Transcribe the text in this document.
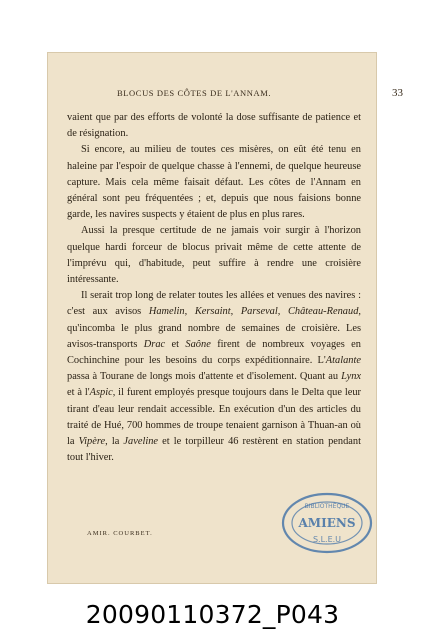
BLOCUS DES CÔTES DE L'ANNAM.	33

vaient que par des efforts de volonté la dose suffisante de patience et de résignation.

Si encore, au milieu de toutes ces misères, on eût été tenu en haleine par l'espoir de quelque chasse à l'ennemi, de quelque heureuse capture. Mais cela même faisait défaut. Les côtes de l'Annam en général sont peu fréquentées ; et, depuis que nous faisions bonne garde, les navires suspects y étaient de plus en plus rares.

Aussi la presque certitude de ne jamais voir surgir à l'horizon quelque hardi forceur de blocus privait même de cette attente de l'imprévu qui, d'habitude, peut suffire à rendre une croisière intéressante.

Il serait trop long de relater toutes les allées et venues des navires : c'est aux avisos Hamelin, Kersaint, Parseval, Château-Renaud, qu'incomba le plus grand nombre de semaines de croisière. Les avisos-transports Drac et Saône firent de nombreux voyages en Cochinchine pour les besoins du corps expéditionnaire. L'Atalante passa à Tourane de longs mois d'attente et d'isolement. Quant au Lynx et à l'Aspic, il furent employés presque toujours dans le Delta que leur tirant d'eau leur rendait accessible. En exécution d'un des articles du traité de Hué, 700 hommes de troupe tenaient garnison à Thuan-an où la Vipère, la Javeline et le torpilleur 46 restèrent en station pendant tout l'hiver.

AMIR. COURBET.
BIBLIOTHÈQUE
AMIENS
S.L.E.U
20090110372_P043
